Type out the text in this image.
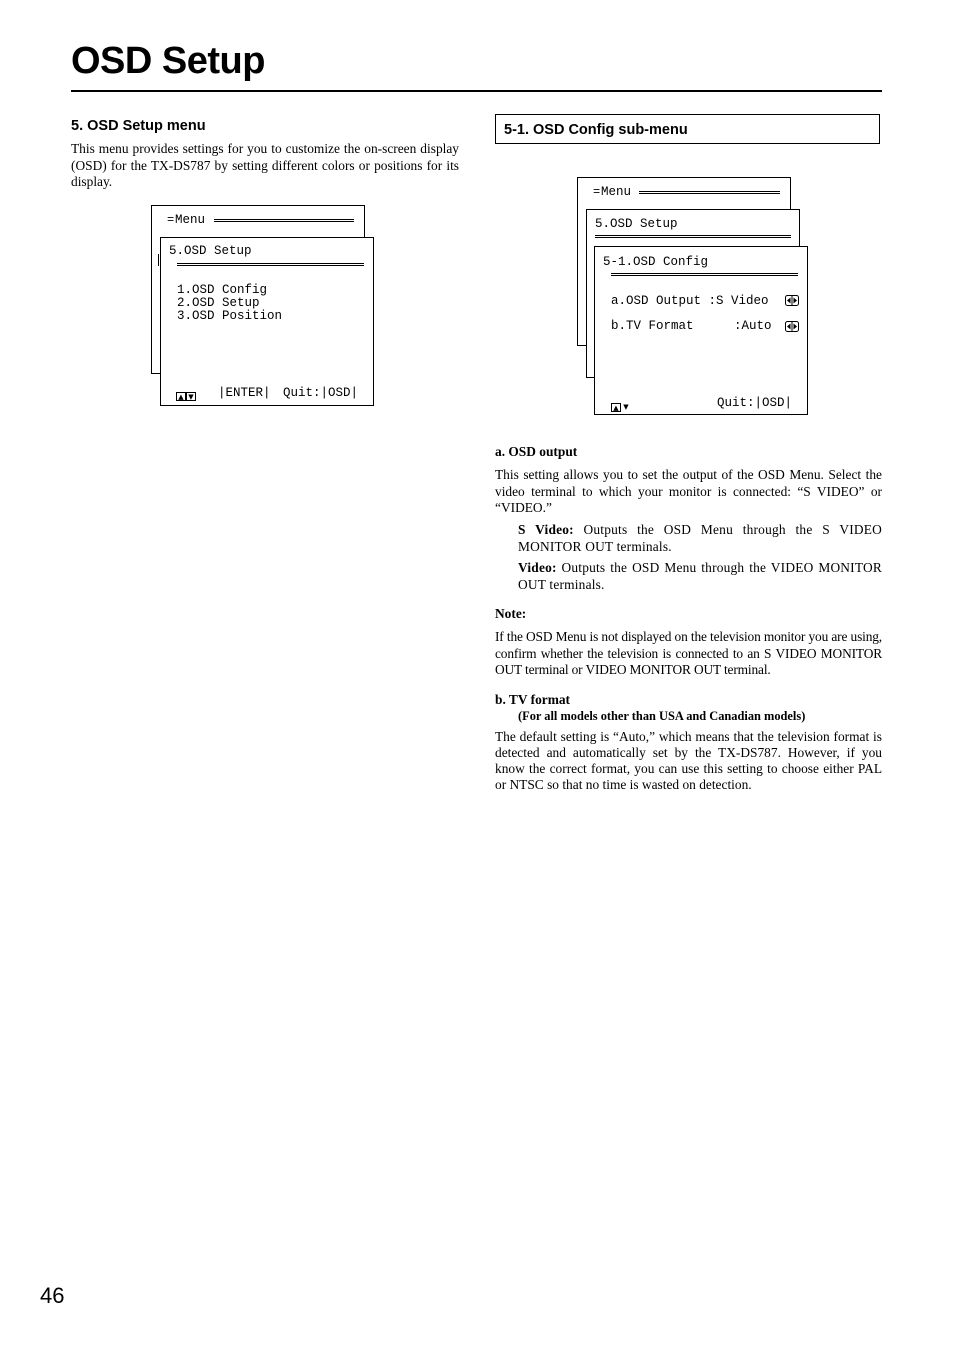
OSD Setup
5. OSD Setup menu
This menu provides settings for you to customize the on-screen display (OSD) for the TX-DS787 by setting different colors or positions for its display.
= Menu
5.OSD Setup
1.OSD Config
2.OSD Setup
3.OSD Position
▲ ▼ |ENTER| Quit:|OSD|
5-1. OSD Config sub-menu
= Menu
5.OSD Setup
5-1.OSD Config
a.OSD Output :S Video
b.TV Format	:Auto
▲ ▼	Quit:|OSD|
a. OSD output
This setting allows you to set the output of the OSD Menu. Select the video terminal to which your monitor is connected: “S VIDEO” or “VIDEO.”
S Video: Outputs the OSD Menu through the S VIDEO MONITOR OUT terminals.
Video: Outputs the OSD Menu through the VIDEO MONITOR OUT terminals.
Note:
If the OSD Menu is not displayed on the television monitor you are using, confirm whether the television is connected to an S VIDEO MONITOR OUT terminal or VIDEO MONITOR OUT terminal.
b. TV format
(For all models other than USA and Canadian models)
The default setting is “Auto,” which means that the television format is detected and automatically set by the TX-DS787. However, if you know the correct format, you can use this setting to choose either PAL or NTSC so that no time is wasted on detection.
46
